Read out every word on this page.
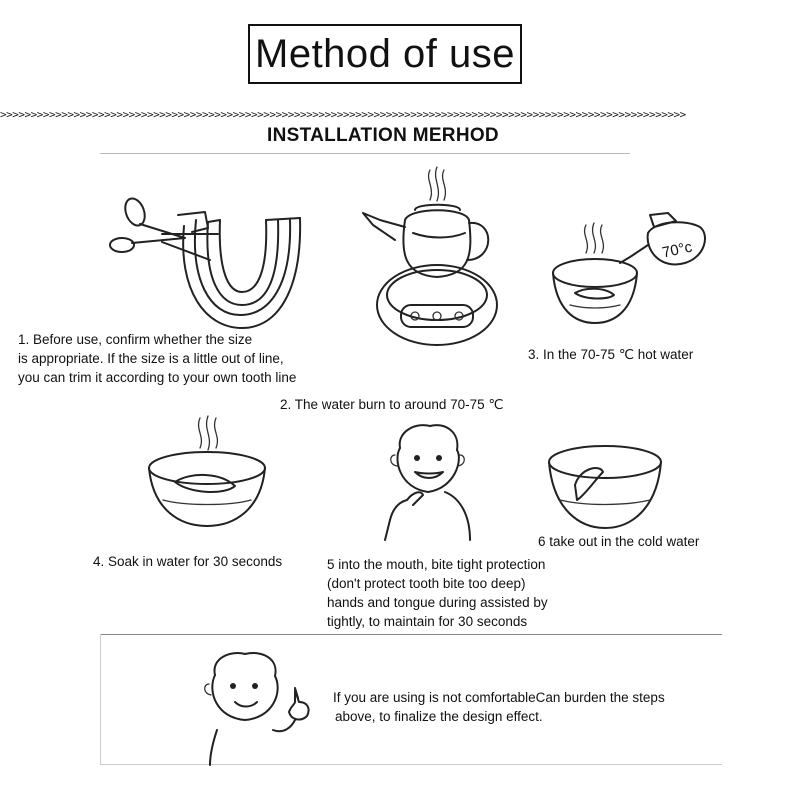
Method of use
>>>>>>>>>>>>>>>>>>>>>>>>>>>>>>>>>>>>>>>>>>>>>>>>>>>>>>>>>>>>>>>>>>>>>>>>>>>>>>>>>>>>>>>>>>>>>>>>>>>>>>>>>>>>>>>>
INSTALLATION MERHOD
70°c
1. Before use, confirm whether the size
is appropriate. If the size is a little out of line,
you can trim it according to your own tooth line
3. In the 70-75 ℃ hot water
2. The water burn to around 70-75 ℃
4. Soak in water for 30 seconds
6 take out in the cold water
5 into the mouth, bite tight protection
(don't protect tooth bite too deep)
hands and tongue during assisted by
tightly, to maintain for 30 seconds
If you are using is not comfortableCan burden the steps
above, to finalize the design effect.
